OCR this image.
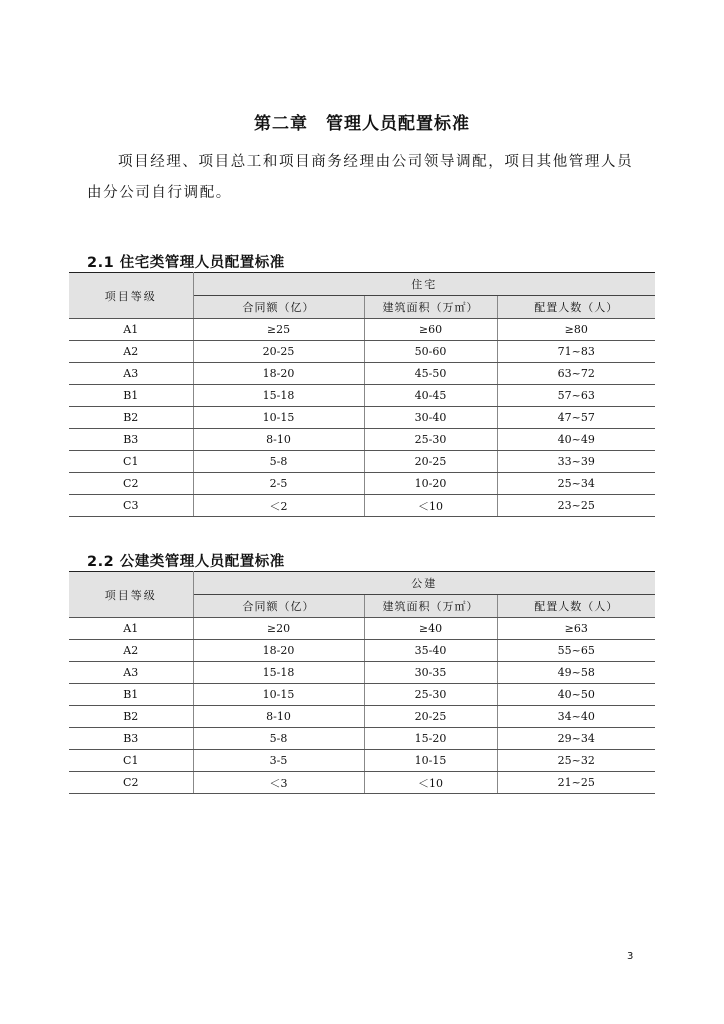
第二章　管理人员配置标准
项目经理、项目总工和项目商务经理由公司领导调配，项目其他管理人员由分公司自行调配。
2.1 住宅类管理人员配置标准
项目等级	住宅		
	合同额（亿）	建筑面积（万㎡）	配置人数（人）
A1	≥25	≥60	≥80
A2	20-25	50-60	71~83
A3	18-20	45-50	63~72
B1	15-18	40-45	57~63
B2	10-15	30-40	47~57
B3	8-10	25-30	40~49
C1	5-8	20-25	33~39
C2	2-5	10-20	25~34
C3	＜2	＜10	23~25
2.2 公建类管理人员配置标准
项目等级	公建		
	合同额（亿）	建筑面积（万㎡）	配置人数（人）
A1	≥20	≥40	≥63
A2	18-20	35-40	55~65
A3	15-18	30-35	49~58
B1	10-15	25-30	40~50
B2	8-10	20-25	34~40
B3	5-8	15-20	29~34
C1	3-5	10-15	25~32
C2	＜3	＜10	21~25
3
